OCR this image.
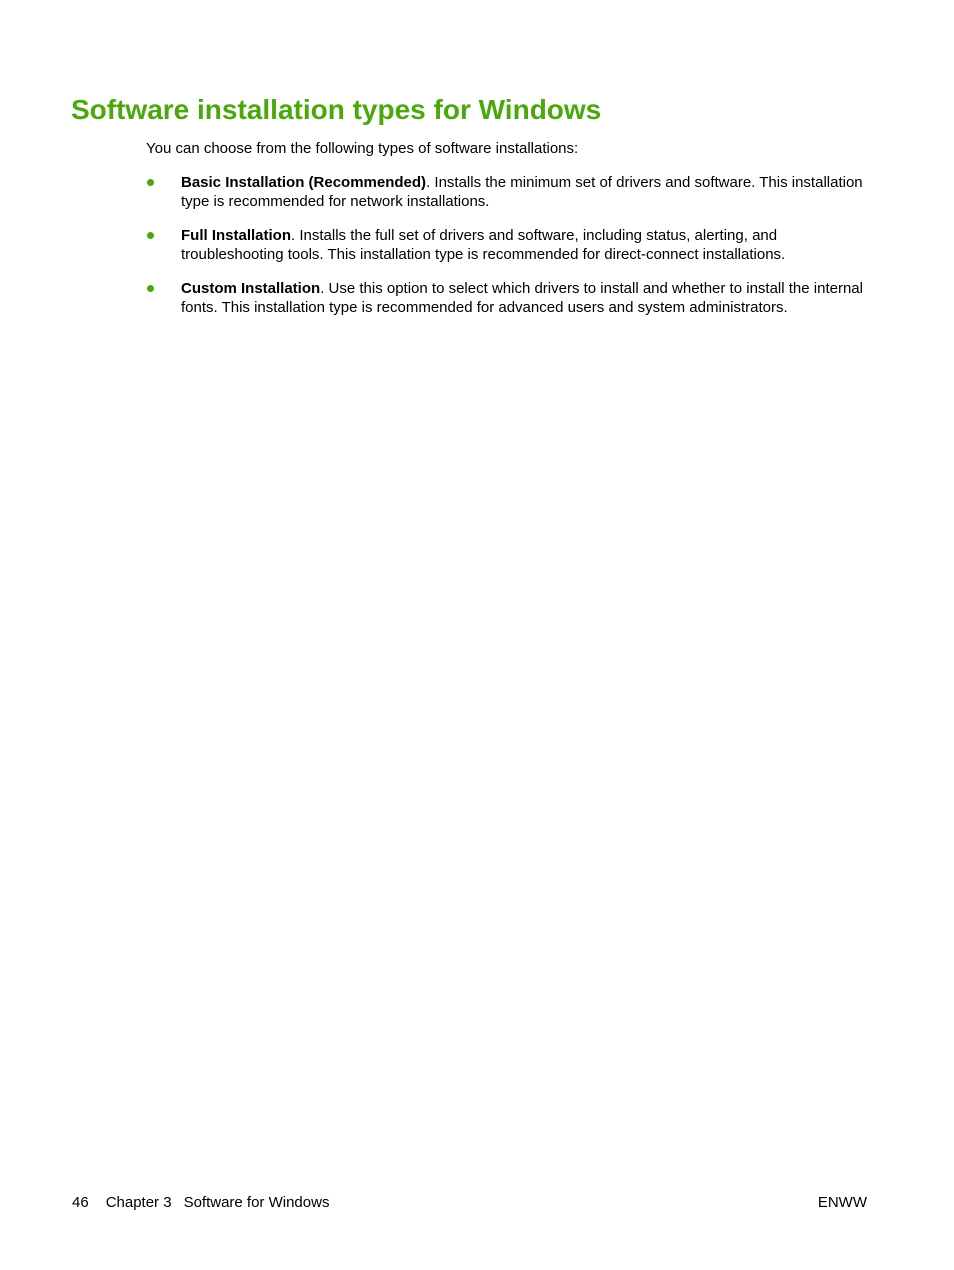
Software installation types for Windows

You can choose from the following types of software installations:

Basic Installation (Recommended). Installs the minimum set of drivers and software. This installation type is recommended for network installations.
Full Installation. Installs the full set of drivers and software, including status, alerting, and troubleshooting tools. This installation type is recommended for direct-connect installations.
Custom Installation. Use this option to select which drivers to install and whether to install the internal fonts. This installation type is recommended for advanced users and system administrators.
46 Chapter 3 Software for Windows	ENWW
